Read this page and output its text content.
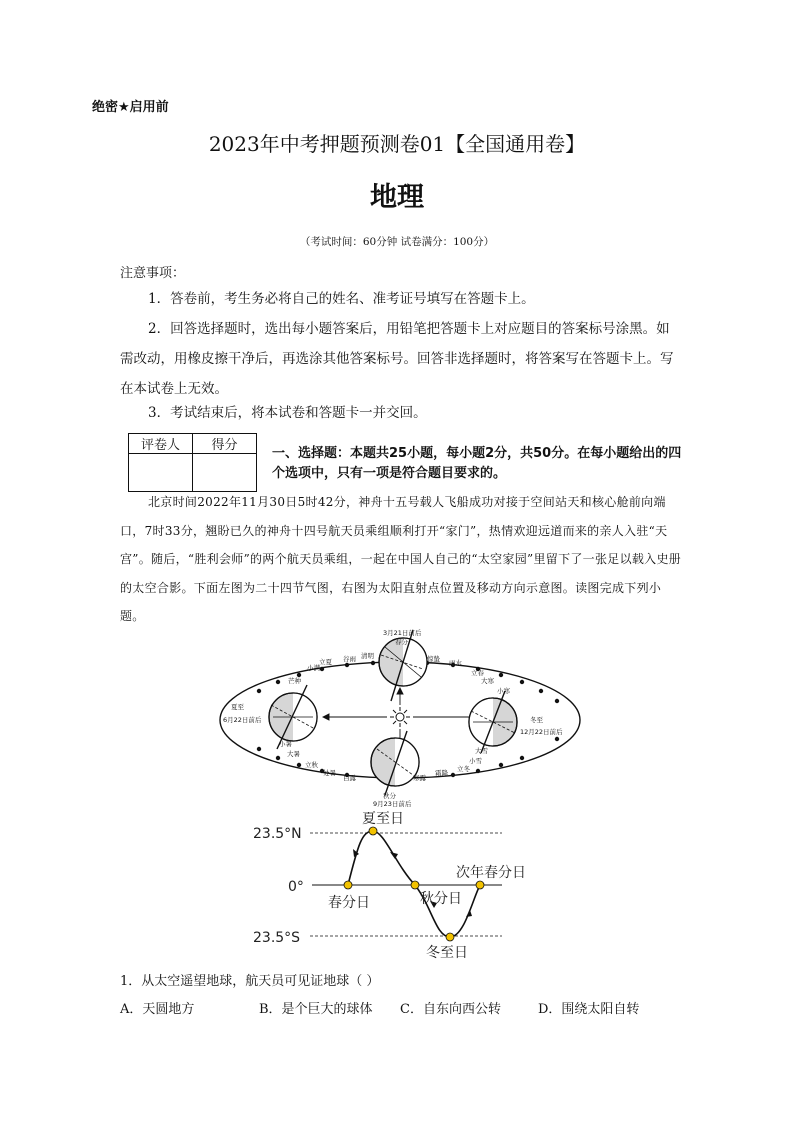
绝密★启用前
2023年中考押题预测卷01【全国通用卷】
地理
（考试时间：60分钟 试卷满分：100分）
注意事项：
1．答卷前，考生务必将自己的姓名、准考证号填写在答题卡上。
2．回答选择题时，选出每小题答案后，用铅笔把答题卡上对应题目的答案标号涂黑。如需改动，用橡皮擦干净后，再选涂其他答案标号。回答非选择题时，将答案写在答题卡上。写在本试卷上无效。
3．考试结束后，将本试卷和答题卡一并交回。
评卷人	得分

一、选择题：本题共25小题，每小题2分，共50分。在每小题给出的四个选项中，只有一项是符合题目要求的。
北京时间2022年11月30日5时42分，神舟十五号载人飞船成功对接于空间站天和核心舱前向端口，7时33分，翘盼已久的神舟十四号航天员乘组顺利打开“家门”，热情欢迎远道而来的亲人入驻“天宫”。随后，“胜利会师”的两个航天员乘组，一起在中国人自己的“太空家园”里留下了一张足以载入史册的太空合影。下面左图为二十四节气图，右图为太阳直射点位置及移动方向示意图。读图完成下列小题。
3月21日前后
春分
清明
谷雨
立夏
小满
芒种
夏至
6月22日前后
小暑
大暑
立秋
处暑
白露
秋分
9月23日前后
寒露
霜降 立冬
小雪
大雪
冬至
12月22日前后
小寒
大寒
立春
雨水
惊蛰
23.5°N
0°
23.5°S
夏至日
春分日	秋分日
冬至日
次年春分日
1．从太空遥望地球，航天员可见证地球（ ）
A．天圆地方	B．是个巨大的球体 C．自东向西公转	D．围绕太阳自转
